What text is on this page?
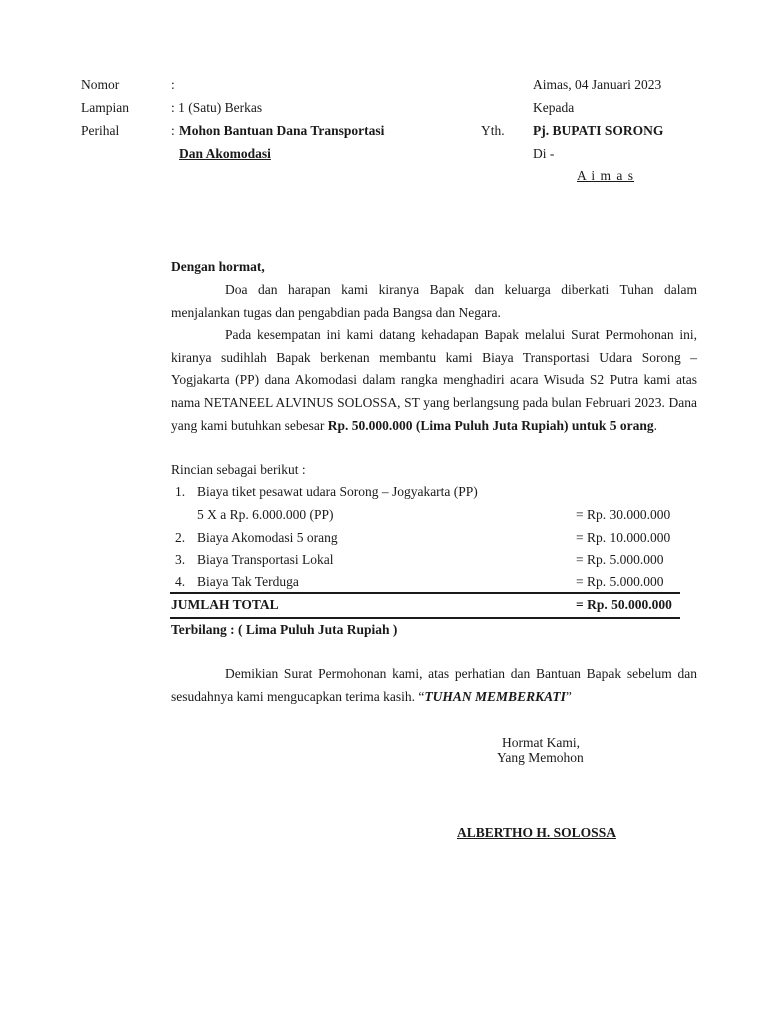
Nomor	:
Lampian	: 1 (Satu) Berkas
Perihal	: Mohon Bantuan Dana Transportasi
Dan Akomodasi
Aimas, 04 Januari 2023
Kepada
Yth. Pj. BUPATI SORONG
Di -
A i m a s
Dengan hormat,

Doa dan harapan kami kiranya Bapak dan keluarga diberkati Tuhan dalam menjalankan tugas dan pengabdian pada Bangsa dan Negara.

Pada kesempatan ini kami datang kehadapan Bapak melalui Surat Permohonan ini, kiranya sudihlah Bapak berkenan membantu kami Biaya Transportasi Udara Sorong – Yogjakarta (PP) dana Akomodasi dalam rangka menghadiri acara Wisuda S2 Putra kami atas nama NETANEEL ALVINUS SOLOSSA, ST yang berlangsung pada bulan Februari 2023. Dana yang kami butuhkan sebesar Rp. 50.000.000 (Lima Puluh Juta Rupiah) untuk 5 orang.

Rincian sebagai berikut :
1. Biaya tiket pesawat udara Sorong – Jogyakarta (PP)
5 X a Rp. 6.000.000 (PP)	= Rp. 30.000.000
2. Biaya Akomodasi 5 orang	= Rp. 10.000.000
3. Biaya Transportasi Lokal	= Rp. 5.000.000
4. Biaya Tak Terduga	= Rp. 5.000.000
JUMLAH TOTAL	= Rp. 50.000.000
Terbilang : ( Lima Puluh Juta Rupiah )

Demikian Surat Permohonan kami, atas perhatian dan Bantuan Bapak sebelum dan sesudahnya kami mengucapkan terima kasih. “TUHAN MEMBERKATI”

Hormat Kami,
Yang Memohon
ALBERTHO H. SOLOSSA
